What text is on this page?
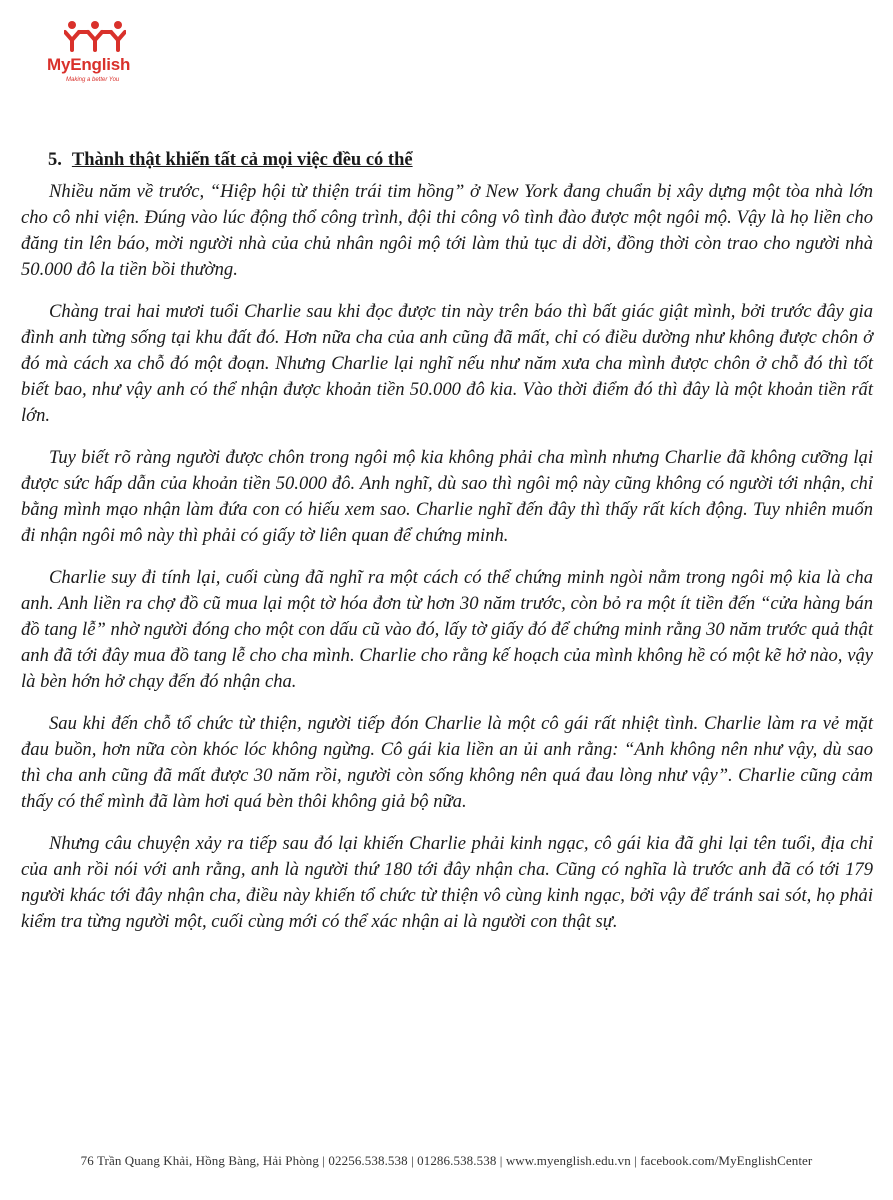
MyEnglish
Making a better You
5. Thành thật khiến tất cả mọi việc đều có thể

Nhiều năm về trước, “Hiệp hội từ thiện trái tim hồng” ở New York đang chuẩn bị xây dựng một tòa nhà lớn cho cô nhi viện. Đúng vào lúc động thổ công trình, đội thi công vô tình đào được một ngôi mộ. Vậy là họ liền cho đăng tin lên báo, mời người nhà của chủ nhân ngôi mộ tới làm thủ tục di dời, đồng thời còn trao cho người nhà 50.000 đô la tiền bồi thường.

Chàng trai hai mươi tuổi Charlie sau khi đọc được tin này trên báo thì bất giác giật mình, bởi trước đây gia đình anh từng sống tại khu đất đó. Hơn nữa cha của anh cũng đã mất, chỉ có điều dường như không được chôn ở đó mà cách xa chỗ đó một đoạn. Nhưng Charlie lại nghĩ nếu như năm xưa cha mình được chôn ở chỗ đó thì tốt biết bao, như vậy anh có thể nhận được khoản tiền 50.000 đô kia. Vào thời điểm đó thì đây là một khoản tiền rất lớn.

Tuy biết rõ ràng người được chôn trong ngôi mộ kia không phải cha mình nhưng Charlie đã không cưỡng lại được sức hấp dẫn của khoản tiền 50.000 đô. Anh nghĩ, dù sao thì ngôi mộ này cũng không có người tới nhận, chỉ bằng mình mạo nhận làm đứa con có hiếu xem sao. Charlie nghĩ đến đây thì thấy rất kích động. Tuy nhiên muốn đi nhận ngôi mô này thì phải có giấy tờ liên quan để chứng minh.

Charlie suy đi tính lại, cuối cùng đã nghĩ ra một cách có thể chứng minh ngòi nằm trong ngôi mộ kia là cha anh. Anh liền ra chợ đồ cũ mua lại một tờ hóa đơn từ hơn 30 năm trước, còn bỏ ra một ít tiền đến “cửa hàng bán đồ tang lễ” nhờ người đóng cho một con dấu cũ vào đó, lấy tờ giấy đó để chứng minh rằng 30 năm trước quả thật anh đã tới đây mua đồ tang lễ cho cha mình. Charlie cho rằng kế hoạch của mình không hề có một kẽ hở nào, vậy là bèn hớn hở chạy đến đó nhận cha.

Sau khi đến chỗ tổ chức từ thiện, người tiếp đón Charlie là một cô gái rất nhiệt tình. Charlie làm ra vẻ mặt đau buồn, hơn nữa còn khóc lóc không ngừng. Cô gái kia liền an ủi anh rằng: “Anh không nên như vậy, dù sao thì cha anh cũng đã mất được 30 năm rồi, người còn sống không nên quá đau lòng như vậy”. Charlie cũng cảm thấy có thể mình đã làm hơi quá bèn thôi không giả bộ nữa.

Nhưng câu chuyện xảy ra tiếp sau đó lại khiến Charlie phải kinh ngạc, cô gái kia đã ghi lại tên tuổi, địa chỉ của anh rồi nói với anh rằng, anh là người thứ 180 tới đây nhận cha. Cũng có nghĩa là trước anh đã có tới 179 người khác tới đây nhận cha, điều này khiến tổ chức từ thiện vô cùng kinh ngạc, bởi vậy để tránh sai sót, họ phải kiểm tra từng người một, cuối cùng mới có thể xác nhận ai là người con thật sự.

76 Trần Quang Khải, Hồng Bàng, Hải Phòng | 02256.538.538 | 01286.538.538 | www.myenglish.edu.vn | facebook.com/MyEnglishCenter
